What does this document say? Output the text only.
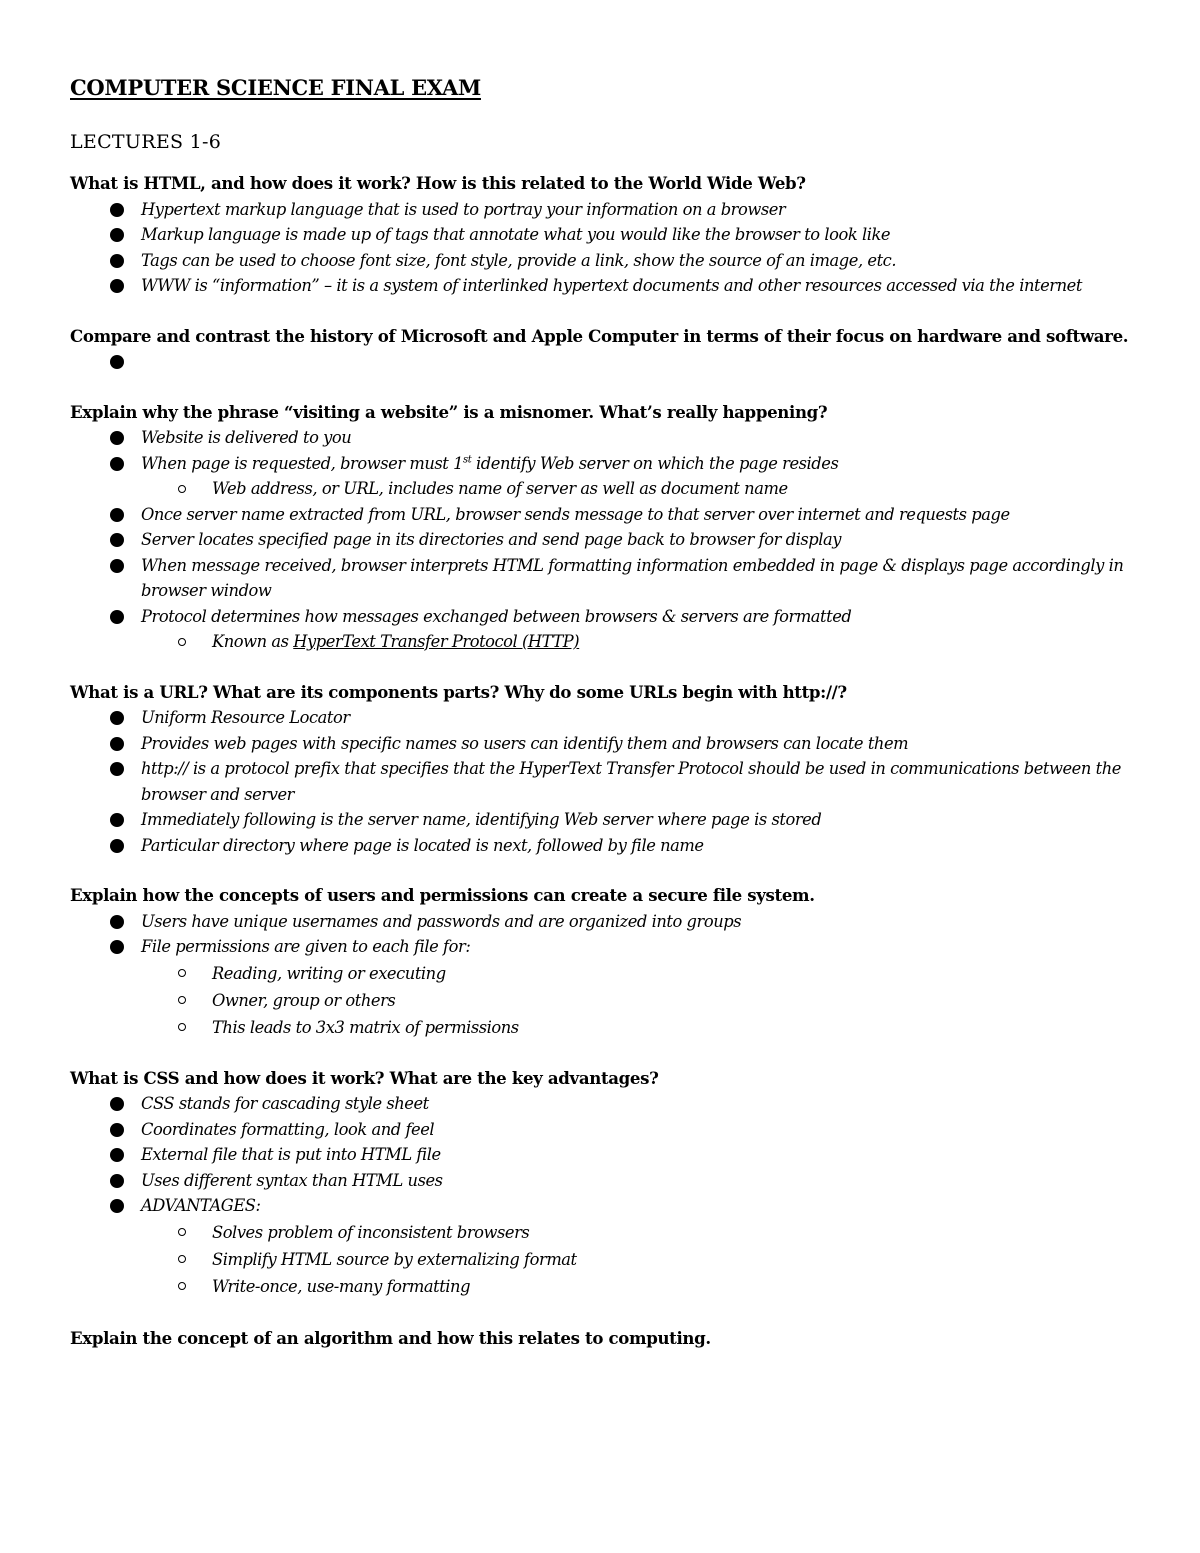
COMPUTER SCIENCE FINAL EXAM
LECTURES 1-6

What is HTML, and how does it work? How is this related to the World Wide Web?

Hypertext markup language that is used to portray your information on a browser
Markup language is made up of tags that annotate what you would like the browser to look like
Tags can be used to choose font size, font style, provide a link, show the source of an image, etc.
WWW is “information” – it is a system of interlinked hypertext documents and other resources accessed via the internet

Compare and contrast the history of Microsoft and Apple Computer in terms of their focus on hardware and software.

Explain why the phrase “visiting a website” is a misnomer. What’s really happening?

Website is delivered to you
When page is requested, browser must 1st identify Web server on which the page resides
Web address, or URL, includes name of server as well as document name
Once server name extracted from URL, browser sends message to that server over internet and requests page
Server locates specified page in its directories and send page back to browser for display
When message received, browser interprets HTML formatting information embedded in page & displays page accordingly in browser window
Protocol determines how messages exchanged between browsers & servers are formatted
Known as HyperText Transfer Protocol (HTTP)

What is a URL? What are its components parts? Why do some URLs begin with http://?

Uniform Resource Locator
Provides web pages with specific names so users can identify them and browsers can locate them
http:// is a protocol prefix that specifies that the HyperText Transfer Protocol should be used in communications between the browser and server
Immediately following is the server name, identifying Web server where page is stored
Particular directory where page is located is next, followed by file name

Explain how the concepts of users and permissions can create a secure file system.

Users have unique usernames and passwords and are organized into groups
File permissions are given to each file for:
Reading, writing or executing
Owner, group or others
This leads to 3x3 matrix of permissions

What is CSS and how does it work? What are the key advantages?

CSS stands for cascading style sheet
Coordinates formatting, look and feel
External file that is put into HTML file
Uses different syntax than HTML uses
ADVANTAGES:
Solves problem of inconsistent browsers
Simplify HTML source by externalizing format
Write-once, use-many formatting

Explain the concept of an algorithm and how this relates to computing.
